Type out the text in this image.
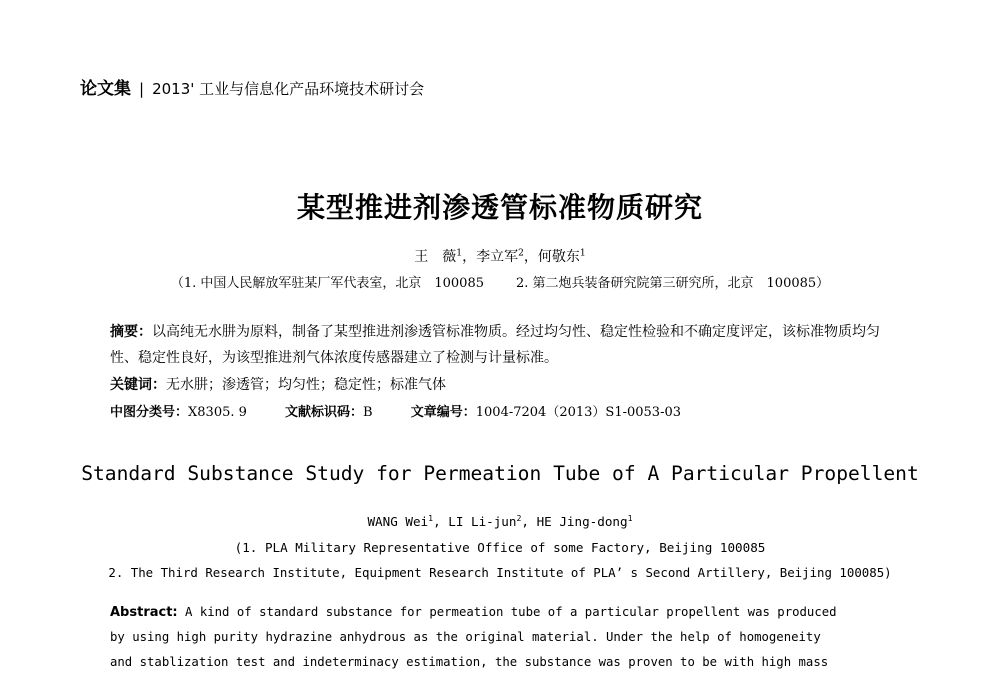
论文集 | 2013' 工业与信息化产品环境技术研讨会
某型推进剂渗透管标准物质研究
王　薇$^1$，李立军$^2$，何敬东$^1$
（1. 中国人民解放军驻某厂军代表室，北京　100085 2. 第二炮兵装备研究院第三研究所，北京　100085）
摘要：以高纯无水肼为原料，制备了某型推进剂渗透管标准物质。经过均匀性、稳定性检验和不确定度评定，该标准物质均匀性、稳定性良好，为该型推进剂气体浓度传感器建立了检测与计量标准。
关键词：无水肼；渗透管；均匀性；稳定性；标准气体
中图分类号：X8305. 9	文献标识码：B	文章编号：1004-7204（2013）S1-0053-03
Standard Substance Study for Permeation Tube of A Particular Propellent
WANG Wei$^1$, LI Li-jun$^2$, HE Jing-dong$^1$
(1. PLA Military Representative Office of some Factory, Beijing 100085
2. The Third Research Institute, Equipment Research Institute of PLA’ s Second Artillery, Beijing 100085)
Abstract: A kind of standard substance for permeation tube of a particular propellent was produced
by using high purity hydrazine anhydrous as the original material. Under the help of homogeneity
and stablization test and indeterminacy estimation, the substance was proven to be with high mass
